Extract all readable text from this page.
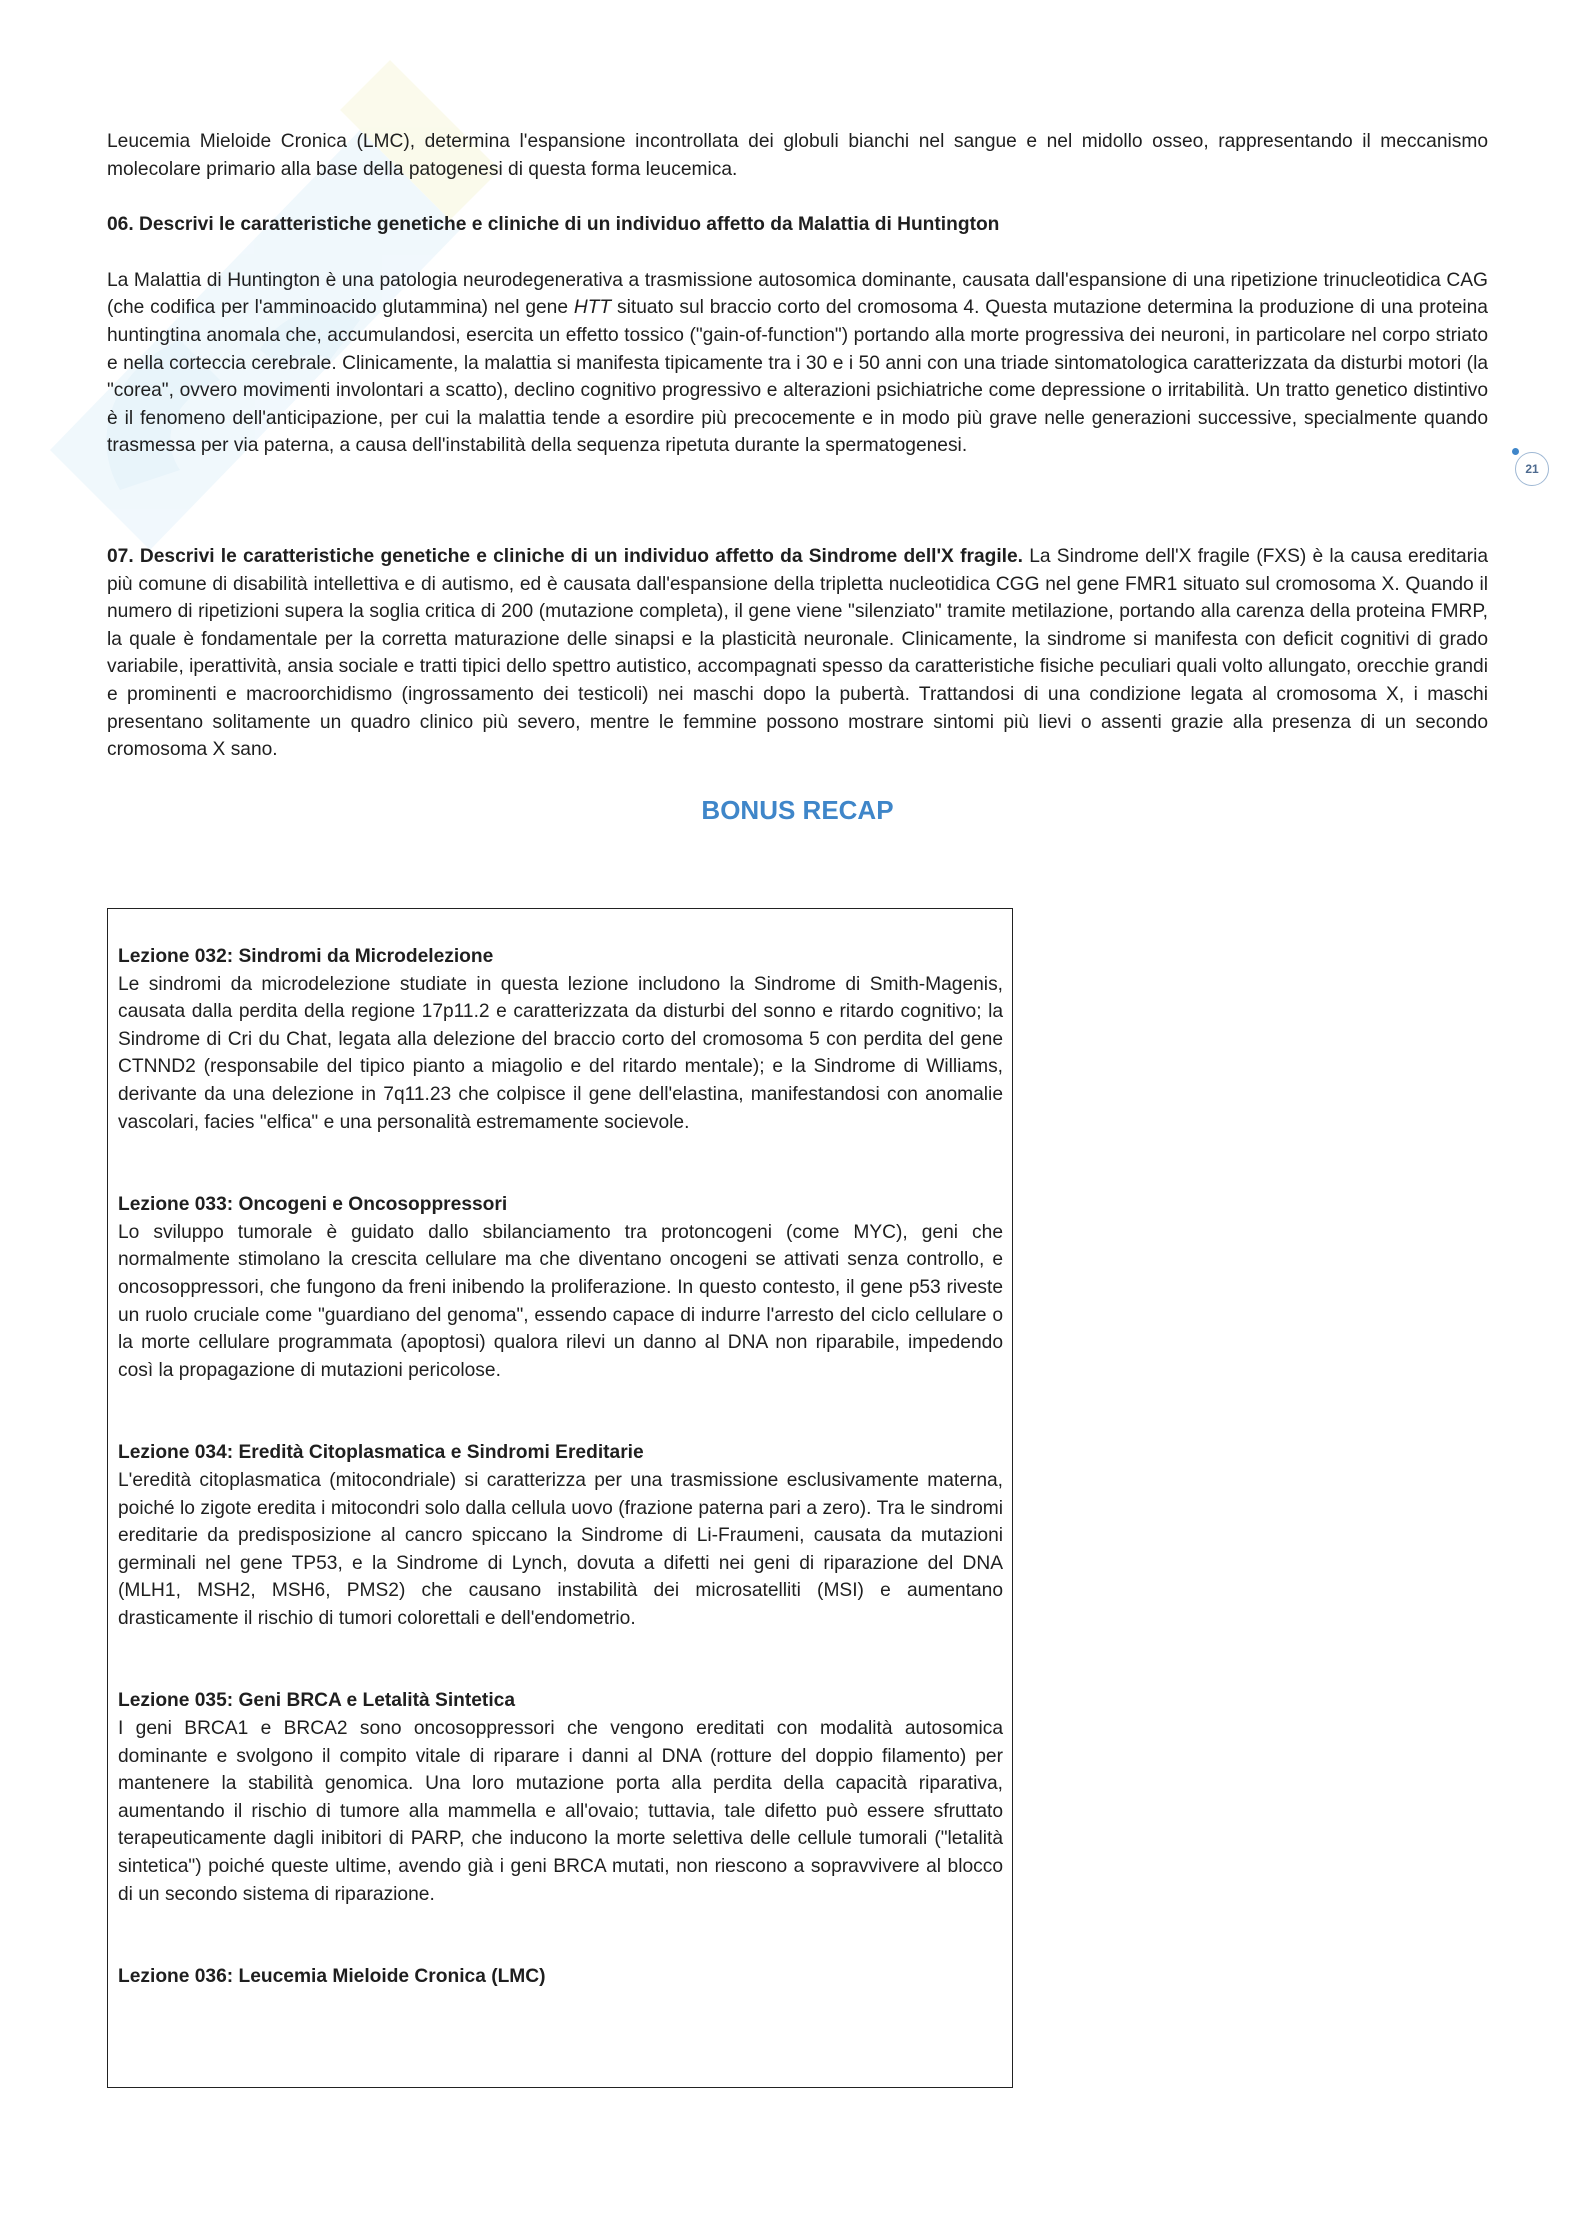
21

Leucemia Mieloide Cronica (LMC), determina l'espansione incontrollata dei globuli bianchi nel sangue e nel midollo osseo, rappresentando il meccanismo molecolare primario alla base della patogenesi di questa forma leucemica.

06. Descrivi le caratteristiche genetiche e cliniche di un individuo affetto da Malattia di Huntington

La Malattia di Huntington è una patologia neurodegenerativa a trasmissione autosomica dominante, causata dall'espansione di una ripetizione trinucleotidica CAG (che codifica per l'amminoacido glutammina) nel gene HTT situato sul braccio corto del cromosoma 4. Questa mutazione determina la produzione di una proteina huntingtina anomala che, accumulandosi, esercita un effetto tossico ("gain-of-function") portando alla morte progressiva dei neuroni, in particolare nel corpo striato e nella corteccia cerebrale. Clinicamente, la malattia si manifesta tipicamente tra i 30 e i 50 anni con una triade sintomatologica caratterizzata da disturbi motori (la "corea", ovvero movimenti involontari a scatto), declino cognitivo progressivo e alterazioni psichiatriche come depressione o irritabilità. Un tratto genetico distintivo è il fenomeno dell'anticipazione, per cui la malattia tende a esordire più precocemente e in modo più grave nelle generazioni successive, specialmente quando trasmessa per via paterna, a causa dell'instabilità della sequenza ripetuta durante la spermatogenesi.

07. Descrivi le caratteristiche genetiche e cliniche di un individuo affetto da Sindrome dell'X fragile. La Sindrome dell'X fragile (FXS) è la causa ereditaria più comune di disabilità intellettiva e di autismo, ed è causata dall'espansione della tripletta nucleotidica CGG nel gene FMR1 situato sul cromosoma X. Quando il numero di ripetizioni supera la soglia critica di 200 (mutazione completa), il gene viene "silenziato" tramite metilazione, portando alla carenza della proteina FMRP, la quale è fondamentale per la corretta maturazione delle sinapsi e la plasticità neuronale. Clinicamente, la sindrome si manifesta con deficit cognitivi di grado variabile, iperattività, ansia sociale e tratti tipici dello spettro autistico, accompagnati spesso da caratteristiche fisiche peculiari quali volto allungato, orecchie grandi e prominenti e macroorchidismo (ingrossamento dei testicoli) nei maschi dopo la pubertà. Trattandosi di una condizione legata al cromosoma X, i maschi presentano solitamente un quadro clinico più severo, mentre le femmine possono mostrare sintomi più lievi o assenti grazie alla presenza di un secondo cromosoma X sano.

BONUS RECAP
Lezione 032: Sindromi da Microdelezione
Le sindromi da microdelezione studiate in questa lezione includono la Sindrome di Smith-Magenis, causata dalla perdita della regione 17p11.2 e caratterizzata da disturbi del sonno e ritardo cognitivo; la Sindrome di Cri du Chat, legata alla delezione del braccio corto del cromosoma 5 con perdita del gene CTNND2 (responsabile del tipico pianto a miagolio e del ritardo mentale); e la Sindrome di Williams, derivante da una delezione in 7q11.23 che colpisce il gene dell'elastina, manifestandosi con anomalie vascolari, facies "elfica" e una personalità estremamente socievole.
Lezione 033: Oncogeni e Oncosoppressori
Lo sviluppo tumorale è guidato dallo sbilanciamento tra protoncogeni (come MYC), geni che normalmente stimolano la crescita cellulare ma che diventano oncogeni se attivati senza controllo, e oncosoppressori, che fungono da freni inibendo la proliferazione. In questo contesto, il gene p53 riveste un ruolo cruciale come "guardiano del genoma", essendo capace di indurre l'arresto del ciclo cellulare o la morte cellulare programmata (apoptosi) qualora rilevi un danno al DNA non riparabile, impedendo così la propagazione di mutazioni pericolose.
Lezione 034: Eredità Citoplasmatica e Sindromi Ereditarie
L'eredità citoplasmatica (mitocondriale) si caratterizza per una trasmissione esclusivamente materna, poiché lo zigote eredita i mitocondri solo dalla cellula uovo (frazione paterna pari a zero). Tra le sindromi ereditarie da predisposizione al cancro spiccano la Sindrome di Li-Fraumeni, causata da mutazioni germinali nel gene TP53, e la Sindrome di Lynch, dovuta a difetti nei geni di riparazione del DNA (MLH1, MSH2, MSH6, PMS2) che causano instabilità dei microsatelliti (MSI) e aumentano drasticamente il rischio di tumori colorettali e dell'endometrio.
Lezione 035: Geni BRCA e Letalità Sintetica
I geni BRCA1 e BRCA2 sono oncosoppressori che vengono ereditati con modalità autosomica dominante e svolgono il compito vitale di riparare i danni al DNA (rotture del doppio filamento) per mantenere la stabilità genomica. Una loro mutazione porta alla perdita della capacità riparativa, aumentando il rischio di tumore alla mammella e all'ovaio; tuttavia, tale difetto può essere sfruttato terapeuticamente dagli inibitori di PARP, che inducono la morte selettiva delle cellule tumorali ("letalità sintetica") poiché queste ultime, avendo già i geni BRCA mutati, non riescono a sopravvivere al blocco di un secondo sistema di riparazione.
Lezione 036: Leucemia Mieloide Cronica (LMC)
